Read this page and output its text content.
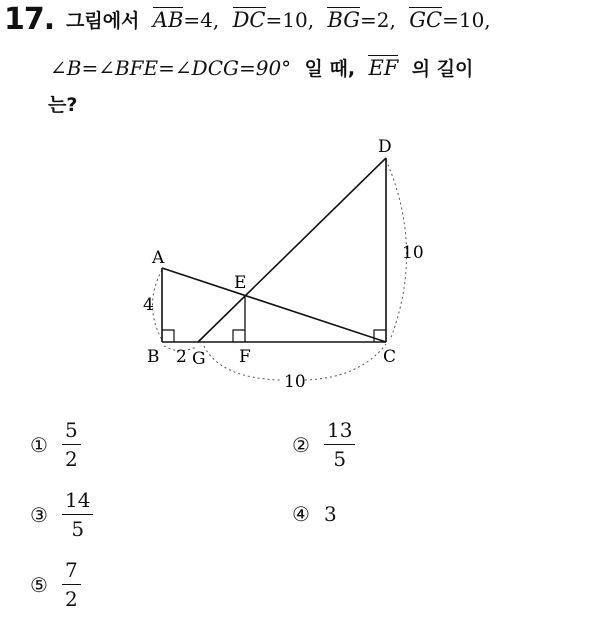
17. 그림에서 AB=4, DC=10, BG=2, GC=10,
∠B=∠BFE=∠DCG=90° 일 때, EF 의 길이
는?
D
A
E
B G F	C
4
2
10
10
① $\frac{5}{2}$	② $\frac{13}{5}$
③ $\frac{14}{5}$	④ 3
⑤ $\frac{7}{2}$
